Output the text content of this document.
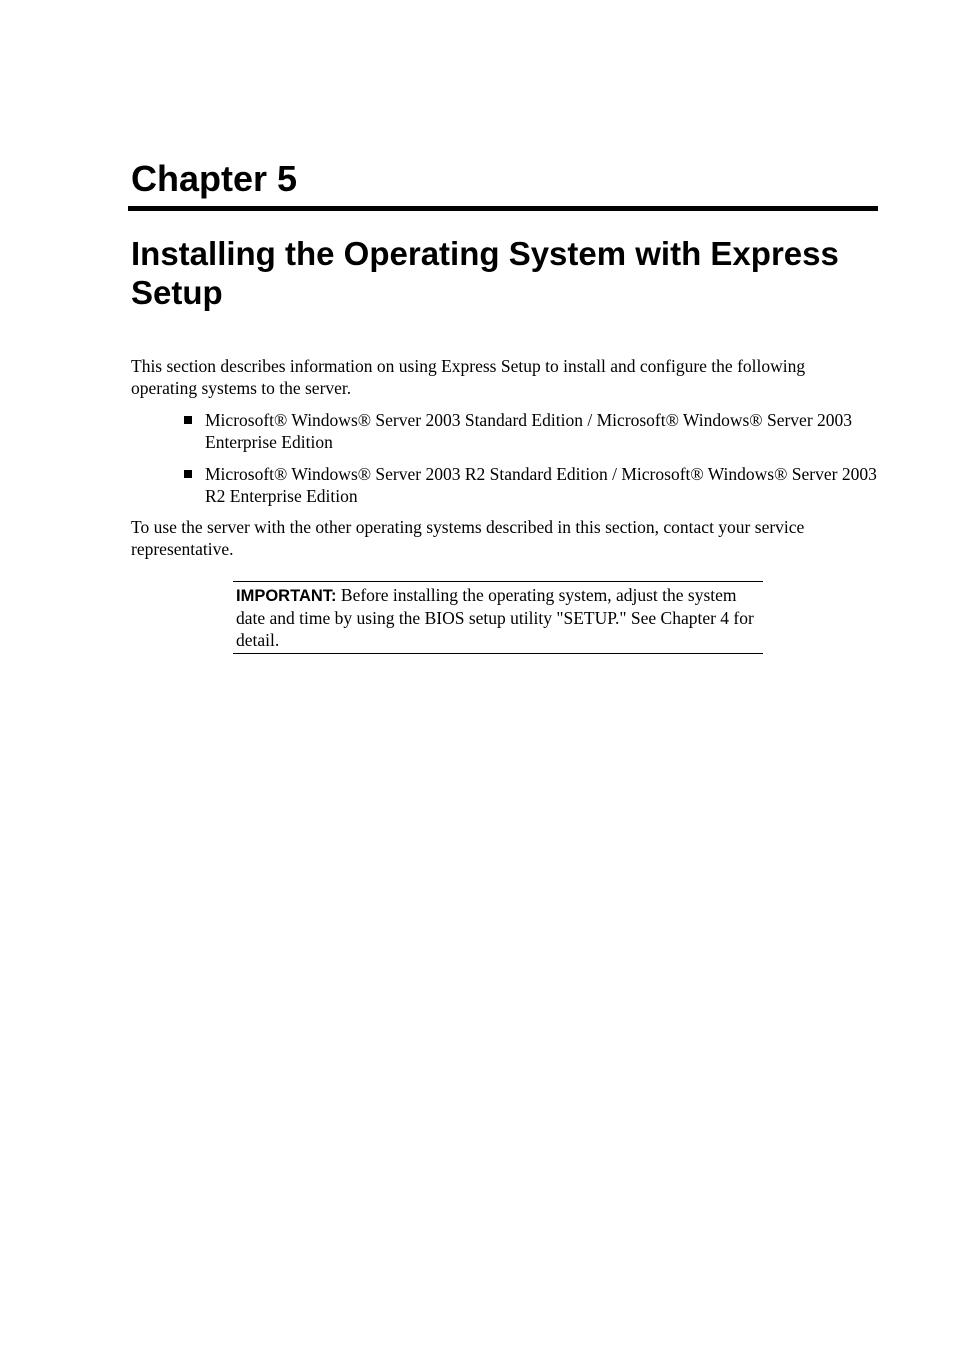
Chapter 5
Installing the Operating System with Express Setup

This section describes information on using Express Setup to install and configure the following operating systems to the server.

Microsoft® Windows® Server 2003 Standard Edition / Microsoft® Windows® Server 2003 Enterprise Edition
Microsoft® Windows® Server 2003 R2 Standard Edition / Microsoft® Windows® Server 2003 R2 Enterprise Edition

To use the server with the other operating systems described in this section, contact your service representative.

IMPORTANT: Before installing the operating system, adjust the system date and time by using the BIOS setup utility "SETUP." See Chapter 4 for detail.
